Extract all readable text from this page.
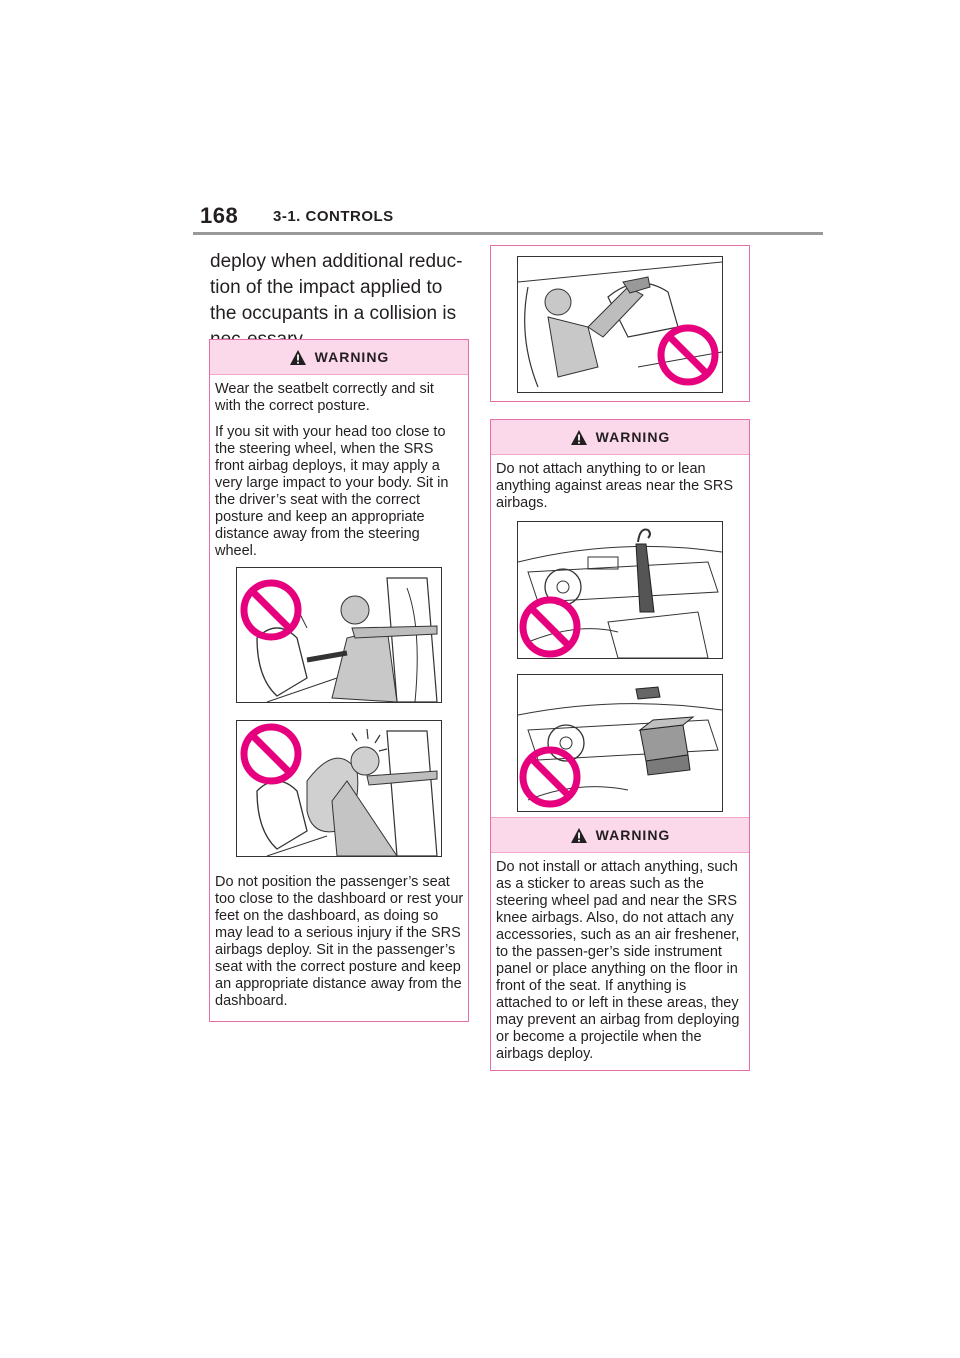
168 3-1. CONTROLS

deploy when additional reduc-tion of the impact applied to the occupants in a collision is

WARNING

Wear the seatbelt correctly and sit with the correct posture.

If you sit with your head too close to the steering wheel, when the SRS front airbag deploys, it may apply a very large impact to your body. Sit in the driver’s seat with the correct posture and keep an appropriate distance away from the steering wheel.

Do not position the passenger’s seat too close to the dashboard or rest your feet on the dashboard, as doing so may lead to a serious injury if the SRS airbags deploy. Sit in the passenger’s seat with the correct posture and keep an appropriate distance away from the dashboard.

WARNING

Do not attach anything to or lean anything against areas near the SRS airbags.

WARNING

Do not install or attach anything, such as a sticker to areas such as the steering wheel pad and near the SRS knee airbags. Also, do not attach any accessories, such as an air freshener, to the passen-ger’s side instrument panel or place anything on the floor in front of the seat. If anything is attached to or left in these areas, they may prevent an airbag from deploying or become a projectile when the airbags deploy.
